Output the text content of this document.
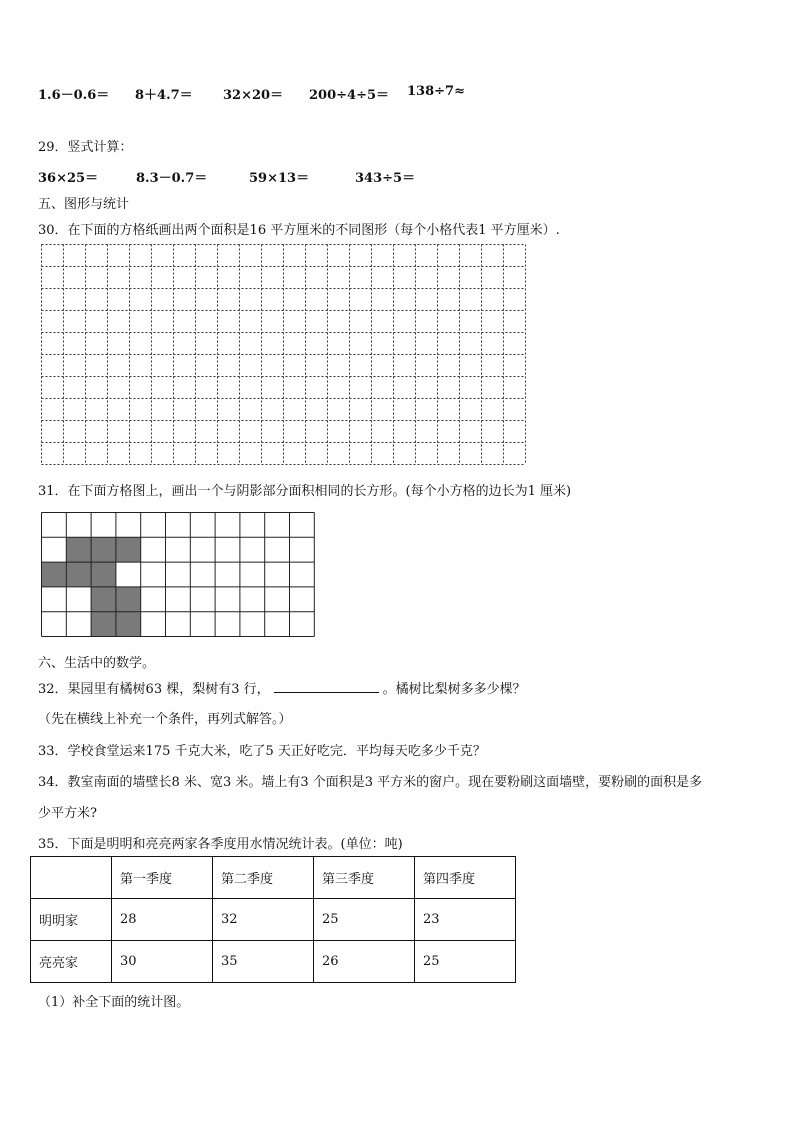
1.6－0.6＝ 8＋4.7＝ 32×20＝ 200÷4÷5＝ 138÷7≈
29．竖式计算：
36×25＝	8.3－0.7＝	59×13＝	343÷5＝
五、图形与统计
30．在下面的方格纸画出两个面积是16 平方厘米的不同图形（每个小格代表1 平方厘米）.
31．在下面方格图上，画出一个与阴影部分面积相同的长方形。(每个小方格的边长为1 厘米)
六、生活中的数学。
32．果园里有橘树63 棵，梨树有3 行，	。橘树比梨树多多少棵？
（先在横线上补充一个条件，再列式解答。）
33．学校食堂运来175 千克大米，吃了5 天正好吃完．平均每天吃多少千克？
34．教室南面的墙壁长8 米、宽3 米。墙上有3 个面积是3 平方米的窗户。现在要粉刷这面墙壁，要粉刷的面积是多
少平方米?
35．下面是明明和亮亮两家各季度用水情况统计表。(单位：吨)
	第一季度	第二季度	第三季度	第四季度
明明家	28	32	25	23
亮亮家	30	35	26	25
（1）补全下面的统计图。
